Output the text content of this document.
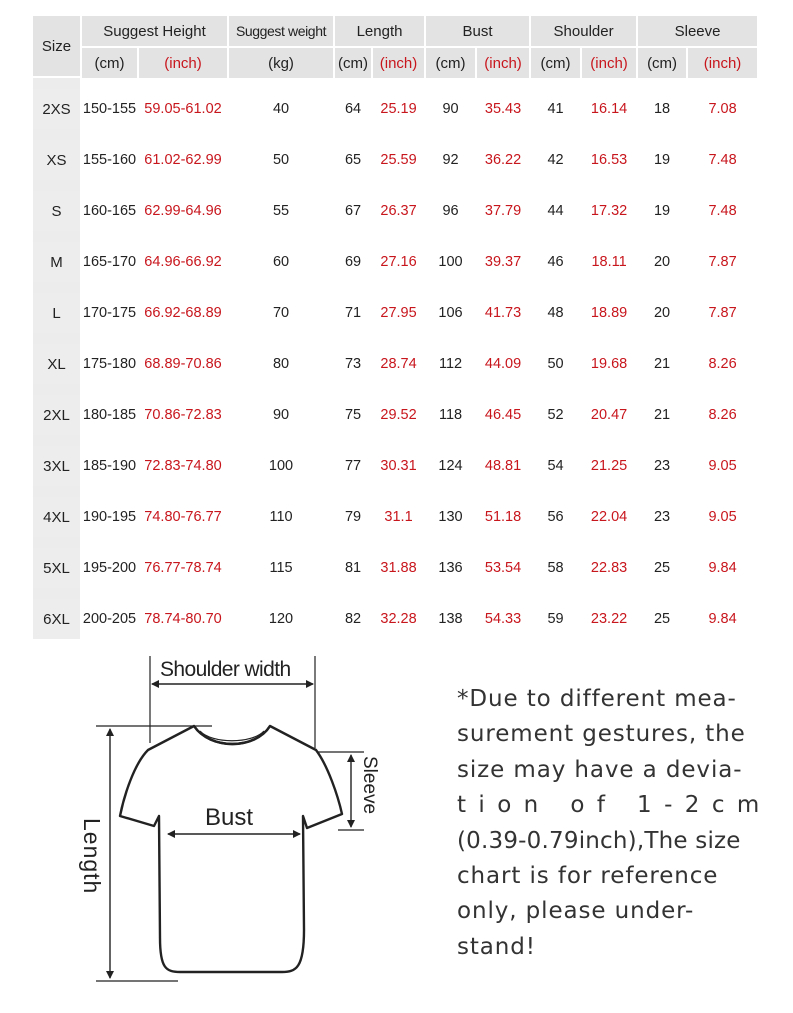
Size	Suggest Height		Suggest weight	Length		Bust		Shoulder		Sleeve	
	(cm)	(inch)	(kg)	(cm)	(inch)	(cm)	(inch)	(cm)	(inch)	(cm)	(inch)

2XS	150-155	59.05-61.02	40	64	25.19	90	35.43	41	16.14	18	7.08

XS	155-160	61.02-62.99	50	65	25.59	92	36.22	42	16.53	19	7.48

S	160-165	62.99-64.96	55	67	26.37	96	37.79	44	17.32	19	7.48

M	165-170	64.96-66.92	60	69	27.16	100	39.37	46	18.11	20	7.87

L	170-175	66.92-68.89	70	71	27.95	106	41.73	48	18.89	20	7.87

XL	175-180	68.89-70.86	80	73	28.74	112	44.09	50	19.68	21	8.26

2XL	180-185	70.86-72.83	90	75	29.52	118	46.45	52	20.47	21	8.26

3XL	185-190	72.83-74.80	100	77	30.31	124	48.81	54	21.25	23	9.05

4XL	190-195	74.80-76.77	110	79	31.1	130	51.18	56	22.04	23	9.05

5XL	195-200	76.77-78.74	115	81	31.88	136	53.54	58	22.83	25	9.84

6XL	200-205	78.74-80.70	120	82	32.28	138	54.33	59	23.22	25	9.84
Shoulder width
Bust
Length
Sleeve
*Due to different mea-
surement gestures, the
size may have a devia-
tion of 1-2cm
(0.39-0.79inch),The size
chart is for reference
only, please under-
stand!
